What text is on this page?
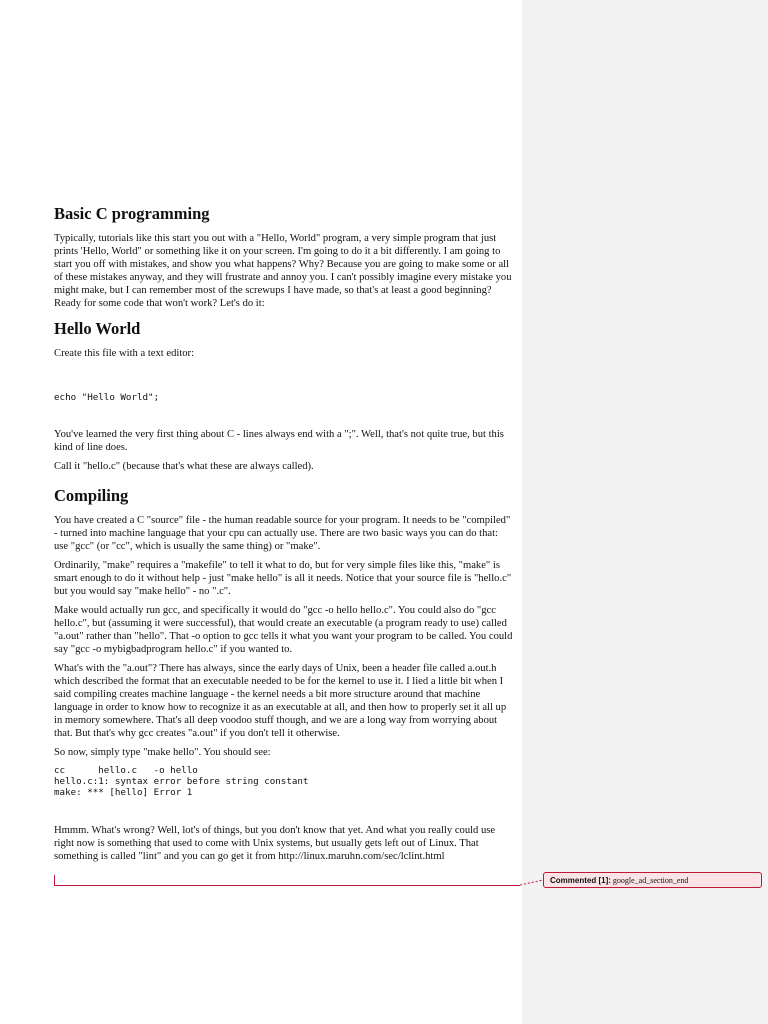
Basic C programming

Typically, tutorials like this start you out with a "Hello, World" program, a very simple program that just prints 'Hello, World" or something like it on your screen. I'm going to do it a bit differently. I am going to start you off with mistakes, and show you what happens? Why? Because you are going to make some or all of these mistakes anyway, and they will frustrate and annoy you. I can't possibly imagine every mistake you might make, but I can remember most of the screwups I have made, so that's at least a good beginning? Ready for some code that won't work? Let's do it:

Hello World

Create this file with a text editor:

echo "Hello World";

You've learned the very first thing about C - lines always end with a ";". Well, that's not quite true, but this kind of line does.

Call it "hello.c" (because that's what these are always called).

Compiling

You have created a C "source" file - the human readable source for your program. It needs to be "compiled" - turned into machine language that your cpu can actually use. There are two basic ways you can do that: use "gcc" (or "cc", which is usually the same thing) or "make".

Ordinarily, "make" requires a "makefile" to tell it what to do, but for very simple files like this, "make" is smart enough to do it without help - just "make hello" is all it needs. Notice that your source file is "hello.c" but you would say "make hello" - no ".c".

Make would actually run gcc, and specifically it would do "gcc -o hello hello.c". You could also do "gcc hello.c", but (assuming it were successful), that would create an executable (a program ready to use) called "a.out" rather than "hello". That -o option to gcc tells it what you want your program to be called. You could say "gcc -o mybigbadprogram hello.c" if you wanted to.

What's with the "a.out"? There has always, since the early days of Unix, been a header file called a.out.h which described the format that an executable needed to be for the kernel to use it. I lied a little bit when I said compiling creates machine language - the kernel needs a bit more structure around that machine language in order to know how to recognize it as an executable at all, and then how to properly set it all up in memory somewhere. That's all deep voodoo stuff though, and we are a long way from worrying about that. But that's why gcc creates "a.out" if you don't tell it otherwise.

So now, simply type "make hello". You should see:

cc      hello.c   -o hello
hello.c:1: syntax error before string constant
make: *** [hello] Error 1

Hmmm. What's wrong? Well, lot's of things, but you don't know that yet. And what you really could use right now is something that used to come with Unix systems, but usually gets left out of Linux. That something is called "lint" and you can go get it from http://linux.maruhn.com/sec/lclint.html

Commented [1]: google_ad_section_end
